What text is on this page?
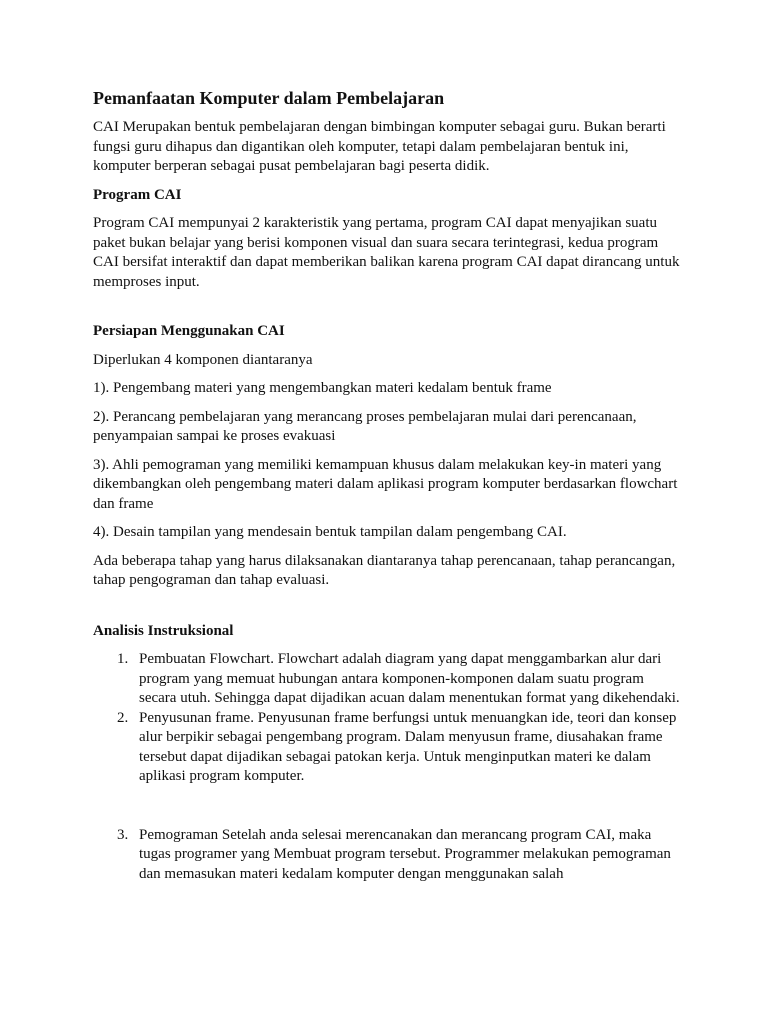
Pemanfaatan Komputer dalam Pembelajaran

CAI Merupakan bentuk pembelajaran dengan bimbingan komputer sebagai guru. Bukan berarti fungsi guru dihapus dan digantikan oleh komputer, tetapi dalam pembelajaran bentuk ini, komputer berperan sebagai pusat pembelajaran bagi peserta didik.

Program CAI

Program CAI mempunyai 2 karakteristik yang pertama, program CAI dapat menyajikan suatu paket bukan belajar yang berisi komponen visual dan suara secara terintegrasi, kedua program CAI bersifat interaktif dan dapat memberikan balikan karena program CAI dapat dirancang untuk memproses input.

Persiapan Menggunakan CAI

Diperlukan 4 komponen diantaranya

1). Pengembang materi yang mengembangkan materi kedalam bentuk frame

2). Perancang pembelajaran yang merancang proses pembelajaran mulai dari perencanaan, penyampaian sampai ke proses evakuasi

3). Ahli pemograman yang memiliki kemampuan khusus dalam melakukan key-in materi yang dikembangkan oleh pengembang materi dalam aplikasi program komputer berdasarkan flowchart dan frame

4). Desain tampilan yang mendesain bentuk tampilan dalam pengembang CAI.

Ada beberapa tahap yang harus dilaksanakan diantaranya tahap perencanaan, tahap perancangan, tahap pengograman dan tahap evaluasi.

Analisis Instruksional
1. Pembuatan Flowchart. Flowchart adalah diagram yang dapat menggambarkan alur dari program yang memuat hubungan antara komponen-komponen dalam suatu program secara utuh. Sehingga dapat dijadikan acuan dalam menentukan format yang dikehendaki.
2. Penyusunan frame. Penyusunan frame berfungsi untuk menuangkan ide, teori dan konsep alur berpikir sebagai pengembang program. Dalam menyusun frame, diusahakan frame tersebut dapat dijadikan sebagai patokan kerja. Untuk menginputkan materi ke dalam aplikasi program komputer.
3. Pemograman Setelah anda selesai merencanakan dan merancang program CAI, maka tugas programer yang Membuat program tersebut. Programmer melakukan pemograman dan memasukan materi kedalam komputer dengan menggunakan salah
